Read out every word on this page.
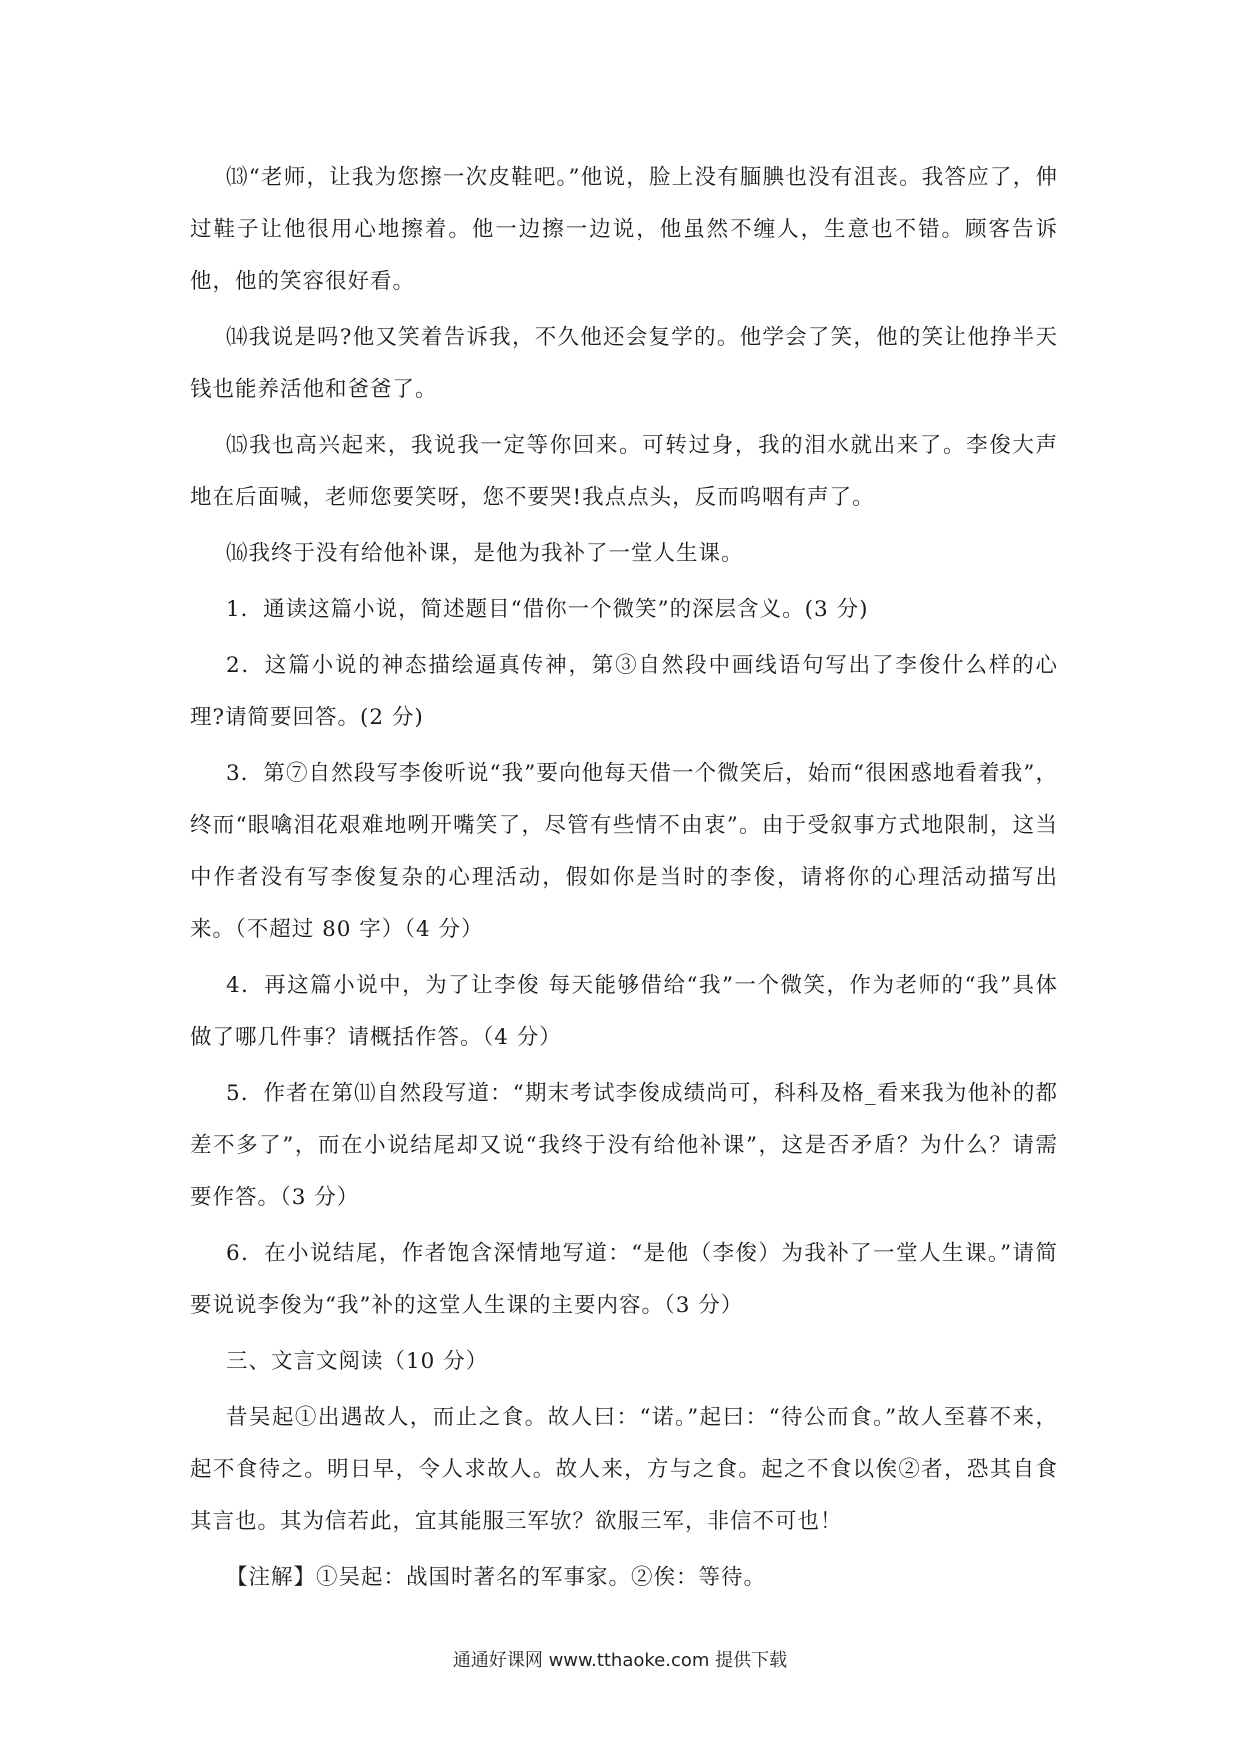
⒀“老师，让我为您擦一次皮鞋吧。”他说，脸上没有腼腆也没有沮丧。我答应了，伸过鞋子让他很用心地擦着。他一边擦一边说，他虽然不缠人，生意也不错。顾客告诉他，他的笑容很好看。

⒁我说是吗?他又笑着告诉我，不久他还会复学的。他学会了笑，他的笑让他挣半天钱也能养活他和爸爸了。

⒂我也高兴起来，我说我一定等你回来。可转过身，我的泪水就出来了。李俊大声地在后面喊，老师您要笑呀，您不要哭!我点点头，反而呜咽有声了。

⒃我终于没有给他补课，是他为我补了一堂人生课。

1．通读这篇小说，简述题目“借你一个微笑”的深层含义。(3 分)

2．这篇小说的神态描绘逼真传神，第③自然段中画线语句写出了李俊什么样的心理?请简要回答。(2 分)

3．第⑦自然段写李俊听说“我”要向他每天借一个微笑后，始而“很困惑地看着我”，终而“眼噙泪花艰难地咧开嘴笑了，尽管有些情不由衷”。由于受叙事方式地限制，这当中作者没有写李俊复杂的心理活动，假如你是当时的李俊，请将你的心理活动描写出来。（不超过 80 字）（4 分）

4．再这篇小说中，为了让李俊 每天能够借给“我”一个微笑，作为老师的“我”具体做了哪几件事？请概括作答。（4 分）

5．作者在第⑾自然段写道：“期末考试李俊成绩尚可，科科及格_看来我为他补的都差不多了”，而在小说结尾却又说“我终于没有给他补课”，这是否矛盾？为什么？请需要作答。（3 分）

6．在小说结尾，作者饱含深情地写道：“是他（李俊）为我补了一堂人生课。”请简要说说李俊为“我”补的这堂人生课的主要内容。（3 分）

三、文言文阅读（10 分）

昔吴起①出遇故人，而止之食。故人曰：“诺。”起曰：“待公而食。”故人至暮不来，起不食待之。明日早，令人求故人。故人来，方与之食。起之不食以俟②者，恐其自食其言也。其为信若此，宜其能服三军欤？欲服三军，非信不可也！

【注解】①吴起：战国时著名的军事家。②俟：等待。

通通好课网 www.tthaoke.com 提供下载
